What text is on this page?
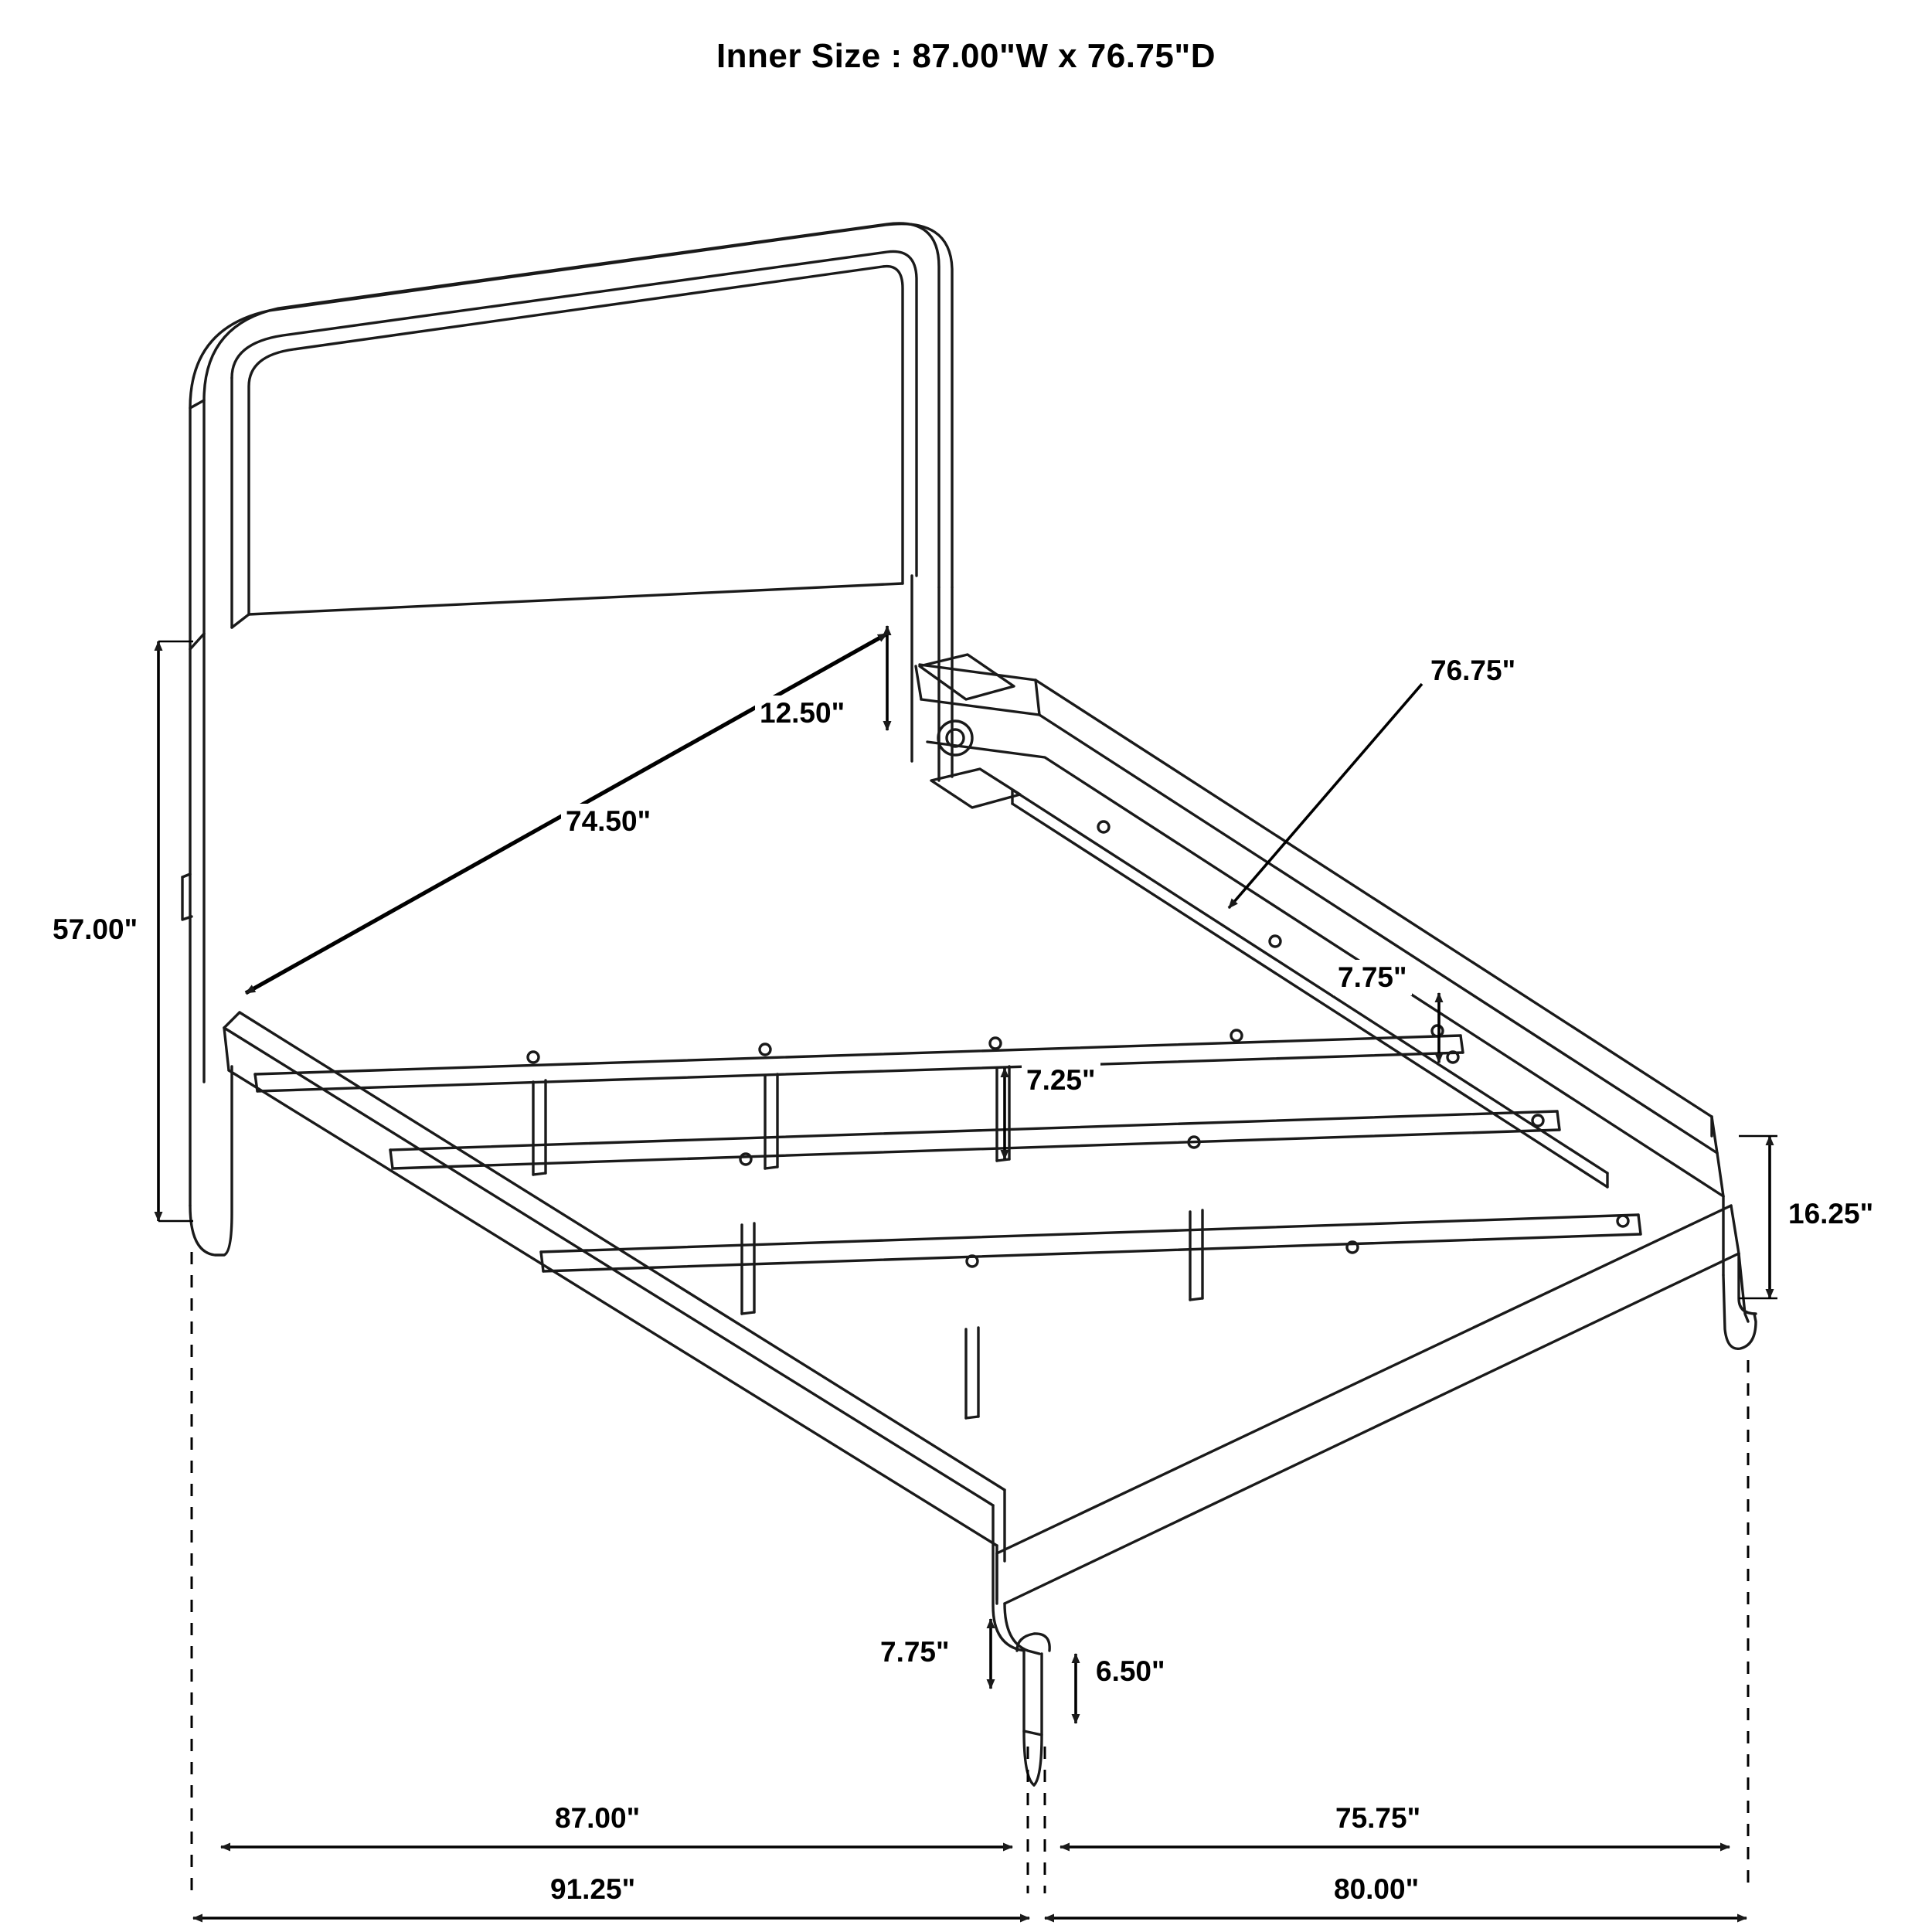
Inner Size : 87.00"W x 76.75"D
12.50"
74.50"
57.00"
76.75"
7.75"
7.25"
16.25"
7.75"
6.50"
87.00"	75.75"
91.25"	80.00"
